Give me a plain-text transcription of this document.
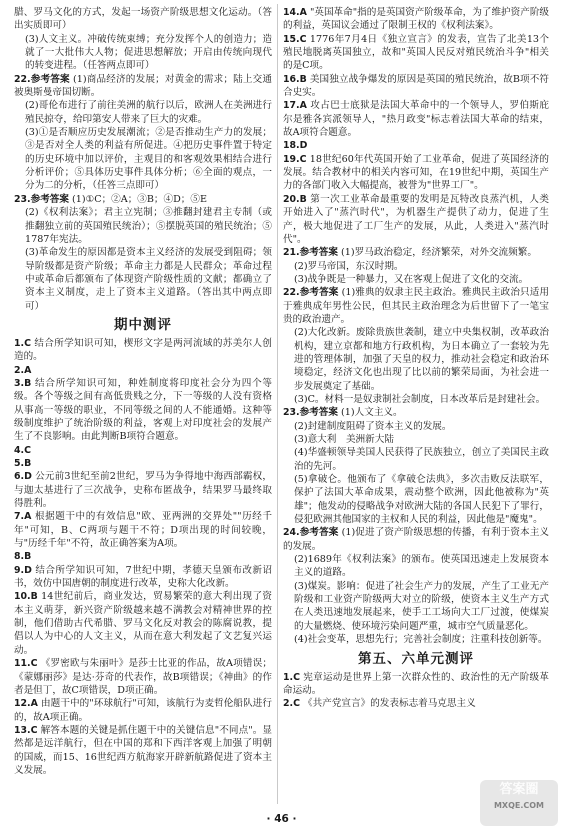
腊、罗马文化的方式，发起一场资产阶级思想文化运动。（答出实质即可）

(3)人文主义。冲破传统束缚；充分发挥个人的创造力；造就了一大批伟大人物；促进思想解放；开启由传统向现代的转变进程。（任答两点即可）

22.参考答案 (1)商品经济的发展；对黄金的需求；陆上交通被奥斯曼帝国切断。

(2)哥伦布进行了前往美洲的航行以后，欧洲人在美洲进行殖民掠夺，给印第安人带来了巨大的灾难。

(3)①是否顺应历史发展潮流；②是否推动生产力的发展；③是否对全人类的利益有所促进。④把历史事件置于特定的历史环境中加以评价，主观目的和客观效果相结合进行分析评价；⑤具体历史事件具体分析；⑥全面的观点，一分为二的分析，（任答三点即可）

23.参考答案 (1)①C；②A；③B；④D；⑤E

(2)《权利法案》；君主立宪制；③推翻封建君主专制（或推翻独立前的英国殖民统治）；⑤摆脱英国的殖民统治；⑤1787年宪法。

(3)革命发生的原因都是资本主义经济的发展受到阻碍；领导阶级都是资产阶级；革命主力都是人民群众；革命过程中或革命后都颁布了体现资产阶级性质的文献；都确立了资本主义制度，走上了资本主义道路。（答出其中两点即可）

期中测评

1.C 结合所学知识可知，楔形文字是两河流域的苏美尔人创造的。

2.A

3.B 结合所学知识可知，种姓制度将印度社会分为四个等级。各个等级之间有高低贵贱之分，下一等级的人没有资格从事高一等级的职业，不同等级之间的人不能通婚。这种等级制度维护了统治阶级的利益，客观上对印度社会的发展产生了不良影响。由此判断B项符合题意。

4.C

5.B

6.D 公元前3世纪至前2世纪，罗马为争得地中海西部霸权，与迦太基进行了三次战争，史称布匿战争，结果罗马最终取得胜利。

7.A 根据题干中的有效信息"欧、亚两洲的交界处""历经千年"可知，B、C两项与题干不符；D项出现的时间较晚，与"历经千年"不符，故正确答案为A项。

8.B

9.D 结合所学知识可知，7世纪中期，孝德天皇颁布改新诏书，效仿中国唐朝的制度进行改革，史称大化改新。

10.B 14世纪前后，商业发达，贸易繁荣的意大利出现了资本主义萌芽，新兴资产阶级越来越不满教会对精神世界的控制，他们借助古代希腊、罗马文化反对教会的陈腐说教，提倡以人为中心的人文主义，从而在意大利发起了文艺复兴运动。

11.C 《罗密欧与朱丽叶》是莎士比亚的作品，故A项错误；《蒙娜丽莎》是达·芬奇的代表作，故B项错误；《神曲》的作者是但丁，故C项错误，D项正确。

12.A 由题干中的"环球航行"可知，该航行为麦哲伦船队进行的，故A项正确。

13.C 解答本题的关键是抓住题干中的关键信息"不同点"。显然都是远洋航行，但在中国的郑和下西洋客观上加强了明朝的国威，而15、16世纪西方航海家开辟新航路促进了资本主义发展。

14.A "英国革命"指的是英国资产阶级革命，为了维护资产阶级的利益，英国议会通过了限制王权的《权利法案》。

15.C 1776年7月4日《独立宣言》的发表，宣告了北美13个殖民地脱离英国独立，故和"英国人民反对殖民统治斗争"相关的是C项。

16.B 美国独立战争爆发的原因是英国的殖民统治，故B项不符合史实。

17.A 攻占巴士底狱是法国大革命中的一个领导人，罗伯斯庇尔是雅各宾派领导人，"热月政变"标志着法国大革命的结束，故A项符合题意。

18.D

19.C 18世纪60年代英国开始了工业革命，促进了英国经济的发展。结合教材中的相关内容可知，在19世纪中期，英国生产力的各部门收入大幅提高，被誉为"世界工厂"。

20.B 第一次工业革命最重要的发明是瓦特改良蒸汽机，人类开始进入了"蒸汽时代"，为机器生产提供了动力，促进了生产，极大地促进了工厂生产的发展，从此，人类进入"蒸汽时代"。

21.参考答案 (1)罗马政治稳定，经济繁荣，对外交流频繁。

(2)罗马帝国，东汉时期。

(3)战争既是一种暴力，又在客观上促进了文化的交流。

22.参考答案 (1)雅典的奴隶主民主政治。雅典民主政治只适用于雅典成年男性公民，但其民主政治理念为后世留下了一笔宝贵的政治遗产。

(2)大化改新。废除贵族世袭制，建立中央集权制，改革政治机构，建立京都和地方行政机构，为日本确立了一套较为先进的管理体制，加强了天皇的权力，推动社会稳定和政治环境稳定，经济文化也出现了比以前的繁荣局面，为社会进一步发展奠定了基础。

(3)C。材料一是奴隶制社会制度，日本改革后是封建社会。

23.参考答案 (1)人文主义。

(2)封建制度阻碍了资本主义的发展。

(3)意大利　美洲新大陆

(4)华盛顿领导美国人民获得了民族独立，创立了美国民主政治的先河。

(5)拿破仑。他颁布了《拿破仑法典》，多次击败反法联军，保护了法国大革命成果，震动整个欧洲，因此他被称为"英雄"；他发动的侵略战争对欧洲大陆的各国人民犯下了罪行，侵犯欧洲其他国家的主权和人民的利益，因此他是"魔鬼"。

24.参考答案 (1)促进了资产阶级思想的传播，有利于资本主义的发展。

(2)1689年《权利法案》的颁布。使英国迅速走上发展资本主义的道路。

(3)煤炭。影响：促进了社会生产力的发展，产生了工业无产阶级和工业资产阶级两大对立的阶级，使资本主义生产方式在人类迅速地发展起来，使手工工场向大工厂过渡，使煤炭的大量燃烧、使环境污染问题严重，城市空气质量恶化。

(4)社会变革，思想先行；完善社会制度；注重科技创新等。

第五、六单元测评

1.C 宪章运动是世界上第一次群众性的、政治性的无产阶级革命运动。

2.C 《共产党宣言》的发表标志着马克思主义

· 46 ·
答案圈
MXQE.COM
